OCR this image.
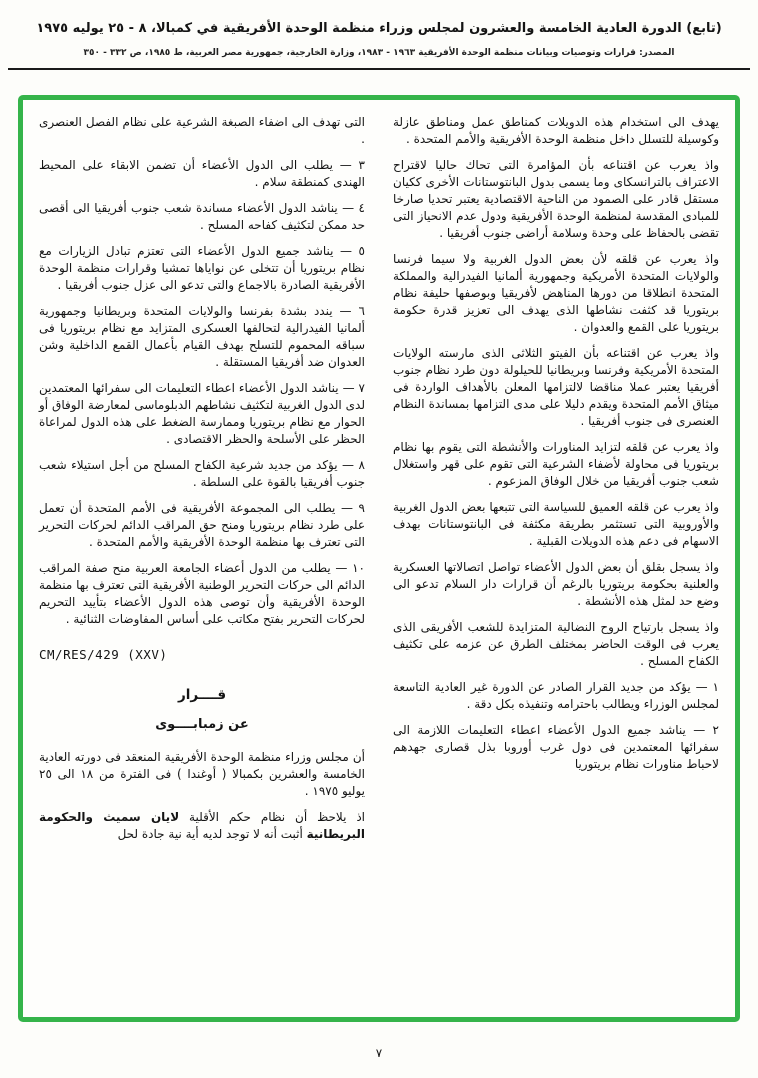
(تابع) الدورة العادية الخامسة والعشرون لمجلس وزراء منظمة الوحدة الأفريقية في كمبالا، ٨ - ٢٥ يوليه ١٩٧٥
المصدر: قرارات وتوصيات وبيانات منظمة الوحدة الأفريقية ١٩٦٣ - ١٩٨٣، وزارة الخارجية، جمهورية مصر العربية، ط ١٩٨٥، ص ٣٣٢ - ٣٥٠

يهدف الى استخدام هذه الدويلات كمناطق عمل ومناطق عازلة وكوسيلة للتسلل داخل منظمة الوحدة الأفريقية والأمم المتحدة .

واذ يعرب عن اقتناعه بأن المؤامرة التى تحاك حاليا لاقتراح الاعتراف بالترانسكاى وما يسمى بدول البانتوستانات الأخرى ككيان مستقل قادر على الصمود من الناحية الاقتصادية يعتبر تحديا صارخا للمبادى المقدسة لمنظمة الوحدة الأفريقية ودول عدم الانحياز التى تقضى بالحفاظ على وحدة وسلامة أراضى جنوب أفريقيا .

واذ يعرب عن قلقه لأن بعض الدول الغربية ولا سيما فرنسا والولايات المتحدة الأمريكية وجمهورية ألمانيا الفيدرالية والمملكة المتحدة انطلاقا من دورها المناهض لأفريقيا وبوصفها حليفة نظام بريتوريا قد كثفت نشاطها الذى يهدف الى تعزيز قدرة حكومة بريتوريا على القمع والعدوان .

واذ يعرب عن اقتناعه بأن الفيتو الثلاثى الذى مارسته الولايات المتحدة الأمريكية وفرنسا وبريطانيا للحيلولة دون طرد نظام جنوب أفريقيا يعتبر عملا مناقضا لالتزامها المعلن بالأهداف الواردة فى ميثاق الأمم المتحدة ويقدم دليلا على مدى التزامها بمساندة النظام العنصرى فى جنوب أفريقيا .

واذ يعرب عن قلقه لتزايد المناورات والأنشطة التى يقوم بها نظام بريتوريا فى محاولة لأضفاء الشرعية التى تقوم على قهر واستغلال شعب جنوب أفريقيا من خلال الوفاق المزعوم .

واذ يعرب عن قلقه العميق للسياسة التى تتبعها بعض الدول الغربية والأوروبية التى تستثمر بطريقة مكثفة فى البانتوستانات بهدف الاسهام فى دعم هذه الدويلات القبلية .

واذ يسجل بقلق أن بعض الدول الأعضاء تواصل اتصالاتها العسكرية والعلنية بحكومة بريتوريا بالرغم أن قرارات دار السلام تدعو الى وضع حد لمثل هذه الأنشطة .

واذ يسجل بارتياح الروح النضالية المتزايدة للشعب الأفريقى الذى يعرب فى الوقت الحاضر بمختلف الطرق عن عزمه على تكثيف الكفاح المسلح .

١ — يؤكد من جديد القرار الصادر عن الدورة غير العادية التاسعة لمجلس الوزراء ويطالب باحترامه وتنفيذه بكل دقة .

٢ — يناشد جميع الدول الأعضاء اعطاء التعليمات اللازمة الى سفرائها المعتمدين فى دول غرب أوروبا بذل قصارى جهدهم لاحباط مناورات نظام بريتوريا

التى تهدف الى اضفاء الصبغة الشرعية على نظام الفصل العنصرى .

٣ — يطلب الى الدول الأعضاء أن تضمن الابقاء على المحيط الهندى كمنطقة سلام .

٤ — يناشد الدول الأعضاء مساندة شعب جنوب أفريقيا الى أقصى حد ممكن لتكثيف كفاحه المسلح .

٥ — يناشد جميع الدول الأعضاء التى تعتزم تبادل الزيارات مع نظام بريتوريا أن تتخلى عن نواياها تمشيا وقرارات منظمة الوحدة الأفريقية الصادرة بالاجماع والتى تدعو الى عزل جنوب أفريقيا .

٦ — يندد بشدة بفرنسا والولايات المتحدة وبريطانيا وجمهورية ألمانيا الفيدرالية لتحالفها العسكرى المتزايد مع نظام بريتوريا فى سباقه المحموم للتسلح بهدف القيام بأعمال القمع الداخلية وشن العدوان ضد أفريقيا المستقلة .

٧ — يناشد الدول الأعضاء اعطاء التعليمات الى سفرائها المعتمدين لدى الدول الغربية لتكثيف نشاطهم الدبلوماسى لمعارضة الوفاق أو الحوار مع نظام بريتوريا وممارسة الضغط على هذه الدول لمراعاة الحظر على الأسلحة والحظر الاقتصادى .

٨ — يؤكد من جديد شرعية الكفاح المسلح من أجل استيلاء شعب جنوب أفريقيا بالقوة على السلطة .

٩ — يطلب الى المجموعة الأفريقية فى الأمم المتحدة أن تعمل على طرد نظام بريتوريا ومنح حق المراقب الدائم لحركات التحرير التى تعترف بها منظمة الوحدة الأفريقية والأمم المتحدة .

١٠ — يطلب من الدول أعضاء الجامعة العربية منح صفة المراقب الدائم الى حركات التحرير الوطنية الأفريقية التى تعترف بها منظمة الوحدة الأفريقية وأن توصى هذه الدول الأعضاء بتأييد التحريم لحركات التحرير بفتح مكاتب على أساس المفاوضات الثنائية .

CM/RES/429 (XXV)
قــــرار
عن زمبابــــوى

أن مجلس وزراء منظمة الوحدة الأفريقية المنعقد فى دورته العادية الخامسة والعشرين بكمبالا ( أوغندا ) فى الفترة من ١٨ الى ٢٥ يوليو ١٩٧٥ .

اذ يلاحظ أن نظام حكم الأقلية لايان سميث والحكومة البريطانية أثبت أنه لا توجد لديه أية نية جادة لحل

٧
